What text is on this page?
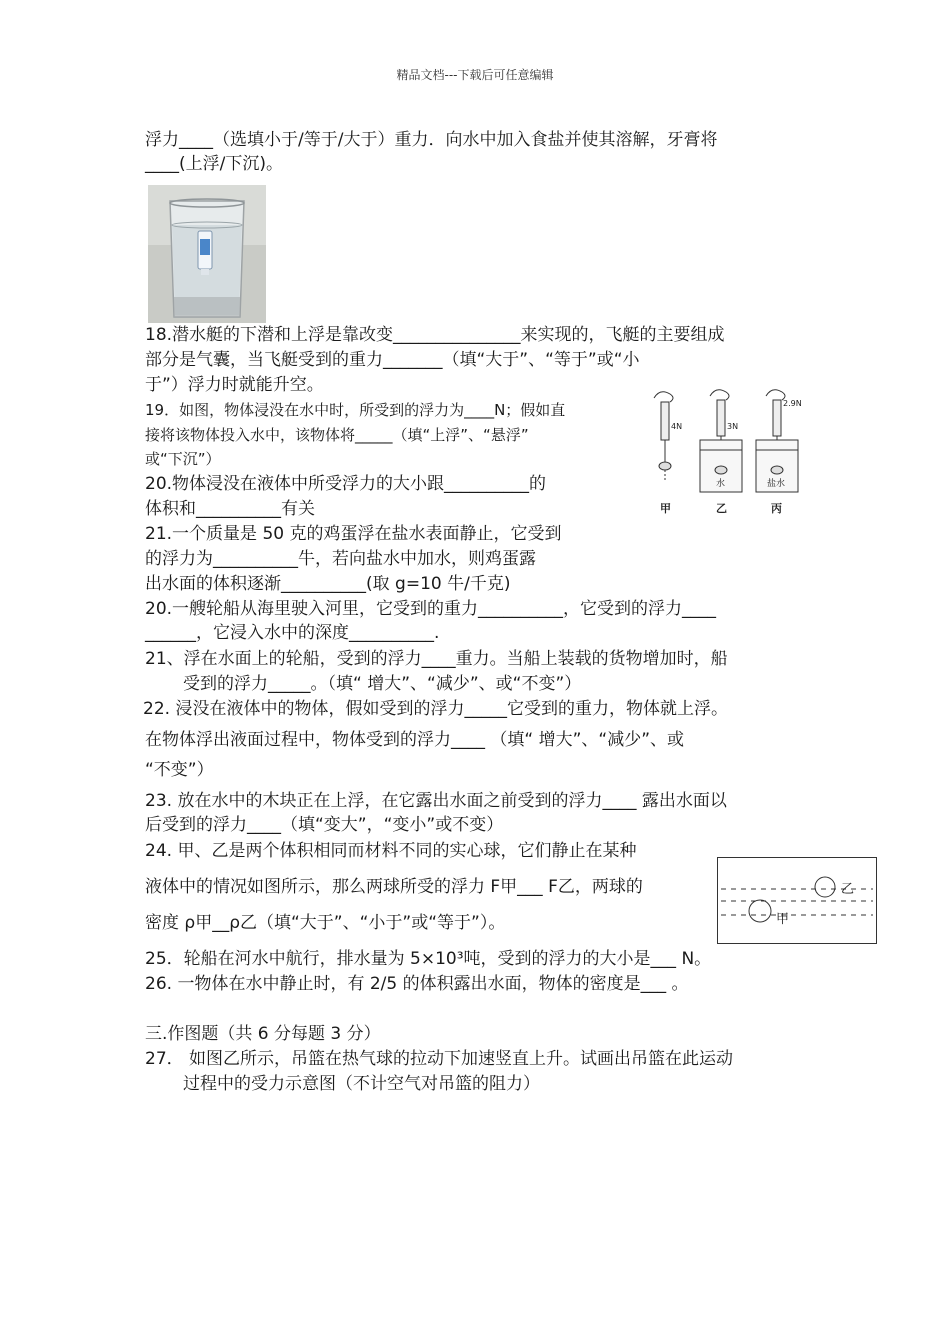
精品文档---下载后可任意编辑
浮力____（选填小于/等于/大于）重力．向水中加入食盐并使其溶解，牙膏将
____(上浮/下沉)。
18.潜水艇的下潜和上浮是靠改变_______________来实现的，飞艇的主要组成
部分是气囊，当飞艇受到的重力_______（填“大于”、“等于”或“小
于”）浮力时就能升空。
19．如图，物体浸没在水中时，所受到的浮力为____N；假如直
接将该物体投入水中，该物体将_____（填“上浮”、“悬浮”
或“下沉”）
4N	3N
水
2.9N
盐水
甲	乙	丙
20.物体浸没在液体中所受浮力的大小跟__________的
体积和__________有关
21.一个质量是 50 克的鸡蛋浮在盐水表面静止，它受到
的浮力为__________牛，若向盐水中加水，则鸡蛋露
出水面的体积逐渐__________(取 g=10 牛/千克)
20.一艘轮船从海里驶入河里，它受到的重力__________，它受到的浮力____
______，它浸入水中的深度__________.
21、浮在水面上的轮船，受到的浮力____重力。当船上装载的货物增加时，船
受到的浮力_____。（填“ 增大”、“减少”、或“不变”）
22. 浸没在液体中的物体，假如受到的浮力_____它受到的重力，物体就上浮。
在物体浮出液面过程中，物体受到的浮力____ （填“ 增大”、“减少”、或
“不变”）
23. 放在水中的木块正在上浮，在它露出水面之前受到的浮力____ 露出水面以
后受到的浮力____（填“变大”，“变小”或不变）
24. 甲、乙是两个体积相同而材料不同的实心球，它们静止在某种
液体中的情况如图所示，那么两球所受的浮力 F甲___ F乙，两球的
密度 ρ甲__ρ乙（填“大于”、“小于”或“等于”）。
乙
甲
25．轮船在河水中航行，排水量为 5×10³吨，受到的浮力的大小是___ N。
26. 一物体在水中静止时，有 2/5 的体积露出水面，物体的密度是___ 。
三.作图题（共 6 分每题 3 分）
27． 如图乙所示，吊篮在热气球的拉动下加速竖直上升。试画出吊篮在此运动
过程中的受力示意图（不计空气对吊篮的阻力）
